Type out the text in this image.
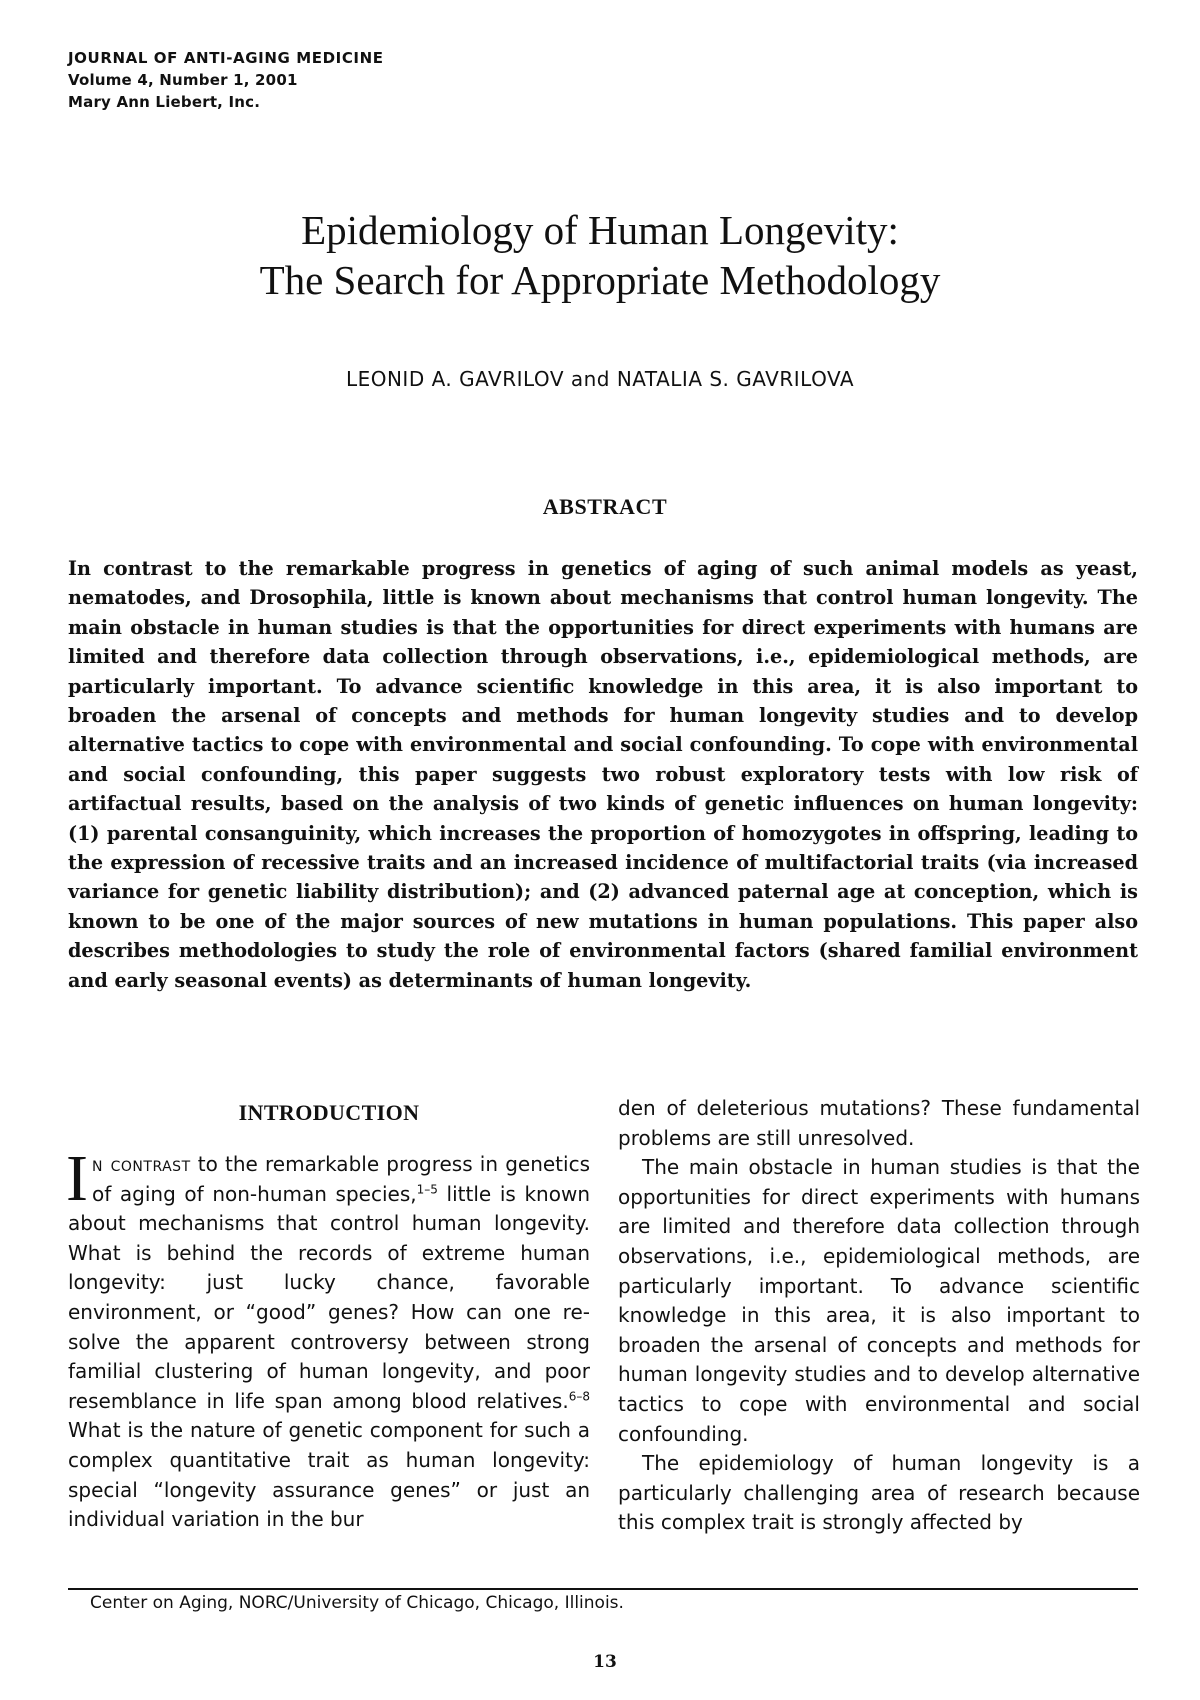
JOURNAL OF ANTI-AGING MEDICINE
Volume 4, Number 1, 2001
Mary Ann Liebert, Inc.
Epidemiology of Human Longevity:
The Search for Appropriate Methodology
LEONID A. GAVRILOV and NATALIA S. GAVRILOVA
ABSTRACT
In contrast to the remarkable progress in genetics of aging of such animal models as yeast, nematodes, and Drosophila, little is known about mechanisms that control human longevity. The main obstacle in human studies is that the opportunities for direct experiments with humans are limited and therefore data collection through observations, i.e., epidemiological methods, are particularly important. To advance scientific knowledge in this area, it is also important to broaden the arsenal of concepts and methods for human longevity studies and to develop alternative tactics to cope with environmental and social confounding. To cope with environmental and social confounding, this paper suggests two robust exploratory tests with low risk of artifactual results, based on the analysis of two kinds of genetic influences on human longevity: (1) parental consanguinity, which increases the proportion of homozygotes in offspring, leading to the expression of recessive traits and an increased incidence of multifactorial traits (via increased variance for genetic liability distribution); and (2) advanced paternal age at conception, which is known to be one of the major sources of new mutations in human populations. This paper also describes methodologies to study the role of environmental factors (shared familial environment and early seasonal events) as determinants of human longevity.
INTRODUCTION

In contrast to the remarkable progress in genetics of aging of non-human species,$^{1-5}$ little is known about mechanisms that control human longevity. What is behind the records of extreme human longevity: just lucky chance, favorable environment, or “good” genes? How can one resolve the apparent controversy between strong familial clustering of human longevity, and poor resemblance in life span among blood relatives.$^{6-8}$ What is the nature of genetic component for such a complex quantitative trait as human longevity: special “longevity assurance genes” or just an individual variation in the bur

den of deleterious mutations? These fundamental problems are still unresolved.

The main obstacle in human studies is that the opportunities for direct experiments with humans are limited and therefore data collection through observations, i.e., epidemiological methods, are particularly important. To advance scientific knowledge in this area, it is also important to broaden the arsenal of concepts and methods for human longevity studies and to develop alternative tactics to cope with environmental and social confounding.

The epidemiology of human longevity is a particularly challenging area of research because this complex trait is strongly affected by

Center on Aging, NORC/University of Chicago, Chicago, Illinois.
13
